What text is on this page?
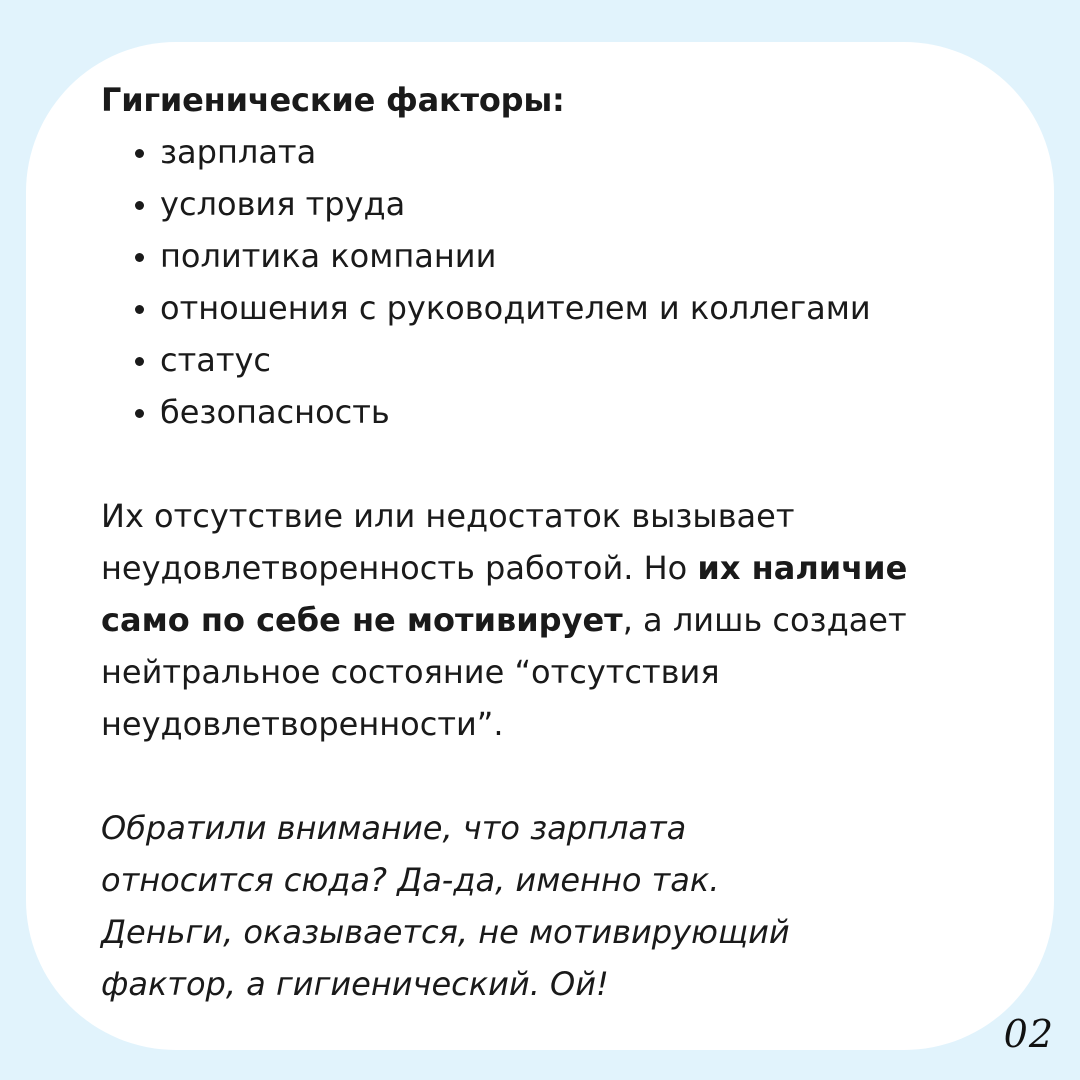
Гигиенические факторы:
зарплата
условия труда
политика компании
отношения с руководителем и коллегами
статус
безопасность

Их отсутствие или недостаток вызывает неудовлетворенность работой. Но их наличие само по себе не мотивирует, а лишь создает нейтральное состояние “отсутствия неудовлетворенности”.

Обратили внимание, что зарплата
относится сюда? Да-да, именно так.
Деньги, оказывается, не мотивирующий
фактор, а гигиенический. Ой!

02
